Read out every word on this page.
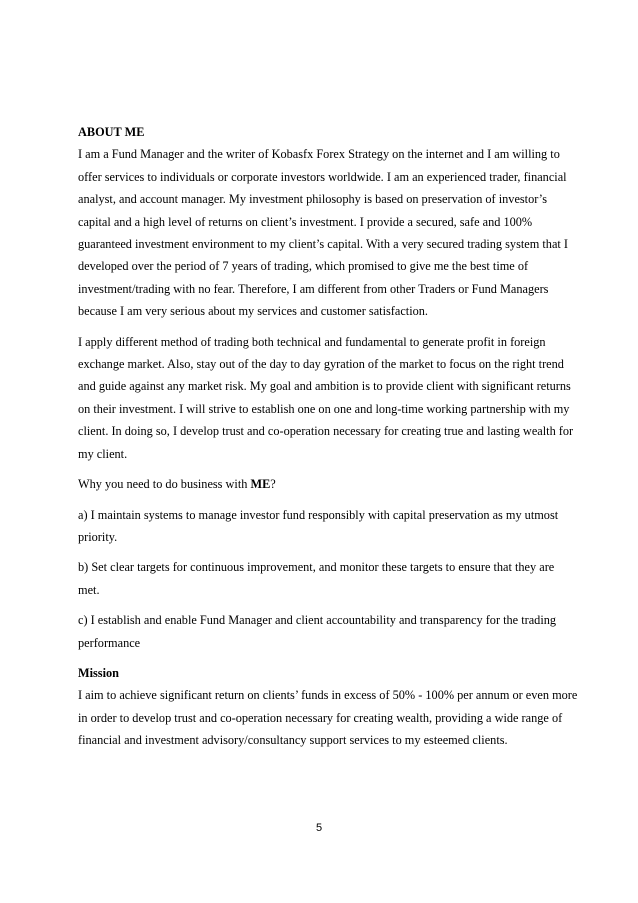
ABOUT ME

I am a Fund Manager and the writer of Kobasfx Forex Strategy on the internet and I am willing to offer services to individuals or corporate investors worldwide. I am an experienced trader, financial analyst, and account manager. My investment philosophy is based on preservation of investor’s capital and a high level of returns on client’s investment. I provide a secured, safe and 100% guaranteed investment environment to my client’s capital. With a very secured trading system that I developed over the period of 7 years of trading, which promised to give me the best time of investment/trading with no fear. Therefore, I am different from other Traders or Fund Managers because I am very serious about my services and customer satisfaction.

I apply different method of trading both technical and fundamental to generate profit in foreign exchange market. Also, stay out of the day to day gyration of the market to focus on the right trend and guide against any market risk. My goal and ambition is to provide client with significant returns on their investment. I will strive to establish one on one and long-time working partnership with my client. In doing so, I develop trust and co-operation necessary for creating true and lasting wealth for my client.

Why you need to do business with ME?

a) I maintain systems to manage investor fund responsibly with capital preservation as my utmost priority.

b) Set clear targets for continuous improvement, and monitor these targets to ensure that they are met.

c) I establish and enable Fund Manager and client accountability and transparency for the trading performance

Mission

I aim to achieve significant return on clients’ funds in excess of 50% - 100% per annum or even more in order to develop trust and co-operation necessary for creating wealth, providing a wide range of financial and investment advisory/consultancy support services to my esteemed clients.

5
